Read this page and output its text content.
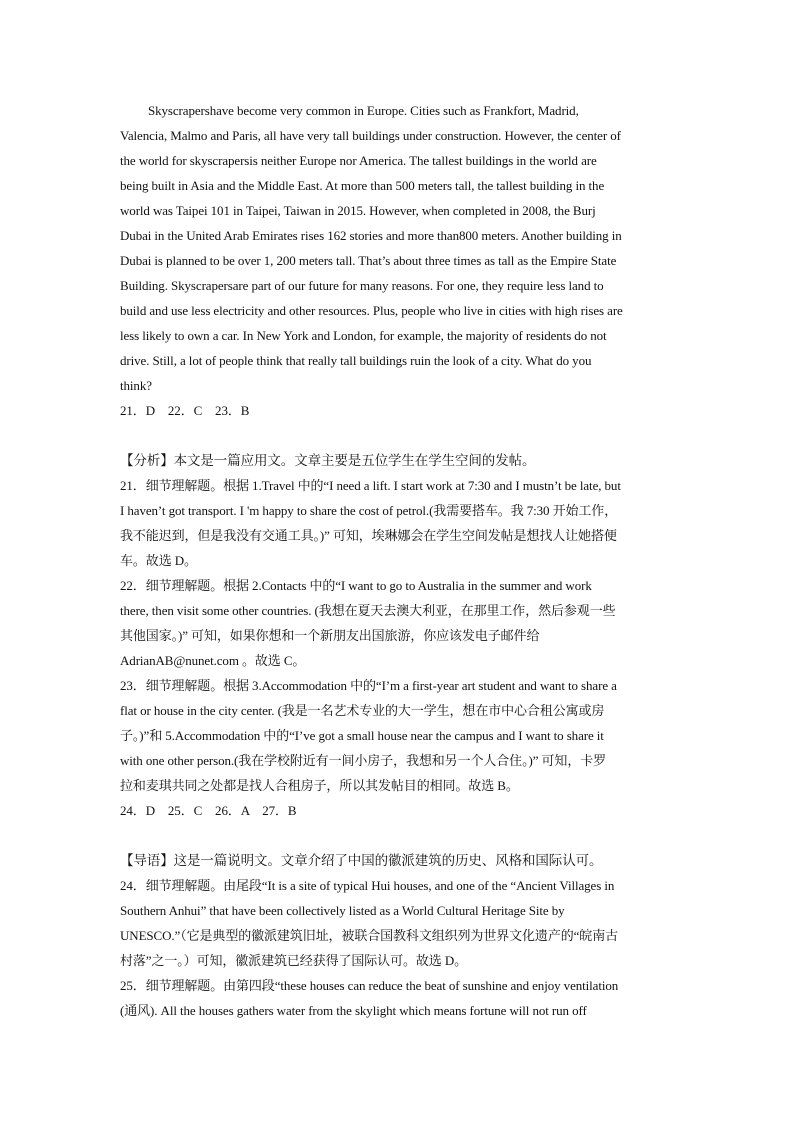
Skyscrapershave become very common in Europe. Cities such as Frankfort, Madrid,
Valencia, Malmo and Paris, all have very tall buildings under construction. However, the center of
the world for skyscrapersis neither Europe nor America. The tallest buildings in the world are
being built in Asia and the Middle East. At more than 500 meters tall, the tallest building in the
world was Taipei 101 in Taipei, Taiwan in 2015. However, when completed in 2008, the Burj
Dubai in the United Arab Emirates rises 162 stories and more than800 meters. Another building in
Dubai is planned to be over 1, 200 meters tall. That’s about three times as tall as the Empire State
Building. Skyscrapersare part of our future for many reasons. For one, they require less land to
build and use less electricity and other resources. Plus, people who live in cities with high rises are
less likely to own a car. In New York and London, for example, the majority of residents do not
drive. Still, a lot of people think that really tall buildings ruin the look of a city. What do you
think?
21．D　22．C　23．B
【分析】本文是一篇应用文。文章主要是五位学生在学生空间的发帖。
21．细节理解题。根据 1.Travel 中的“I need a lift. I start work at 7:30 and I mustn’t be late, but
I haven’t got transport. I 'm happy to share the cost of petrol.(我需要搭车。我 7:30 开始工作，
我不能迟到，但是我没有交通工具。)” 可知，埃琳娜会在学生空间发帖是想找人让她搭便
车。故选 D。
22．细节理解题。根据 2.Contacts 中的“I want to go to Australia in the summer and work
there, then visit some other countries. (我想在夏天去澳大利亚，在那里工作，然后参观一些
其他国家。)” 可知，如果你想和一个新朋友出国旅游，你应该发电子邮件给
AdrianAB@nunet.com 。故选 C。
23．细节理解题。根据 3.Accommodation 中的“I’m a first-year art student and want to share a
flat or house in the city center. (我是一名艺术专业的大一学生，想在市中心合租公寓或房
子。)”和 5.Accommodation 中的“I’ve got a small house near the campus and I want to share it
with one other person.(我在学校附近有一间小房子，我想和另一个人合住。)” 可知，卡罗
拉和麦琪共同之处都是找人合租房子，所以其发帖目的相同。故选 B。
24．D　25．C　26．A　27．B
【导语】这是一篇说明文。文章介绍了中国的徽派建筑的历史、风格和国际认可。
24．细节理解题。由尾段“It is a site of typical Hui houses, and one of the “Ancient Villages in
Southern Anhui” that have been collectively listed as a World Cultural Heritage Site by
UNESCO.”（它是典型的徽派建筑旧址，被联合国教科文组织列为世界文化遗产的“皖南古
村落”之一。）可知，徽派建筑已经获得了国际认可。故选 D。
25．细节理解题。由第四段“these houses can reduce the beat of sunshine and enjoy ventilation
(通风). All the houses gathers water from the skylight which means fortune will not run off
